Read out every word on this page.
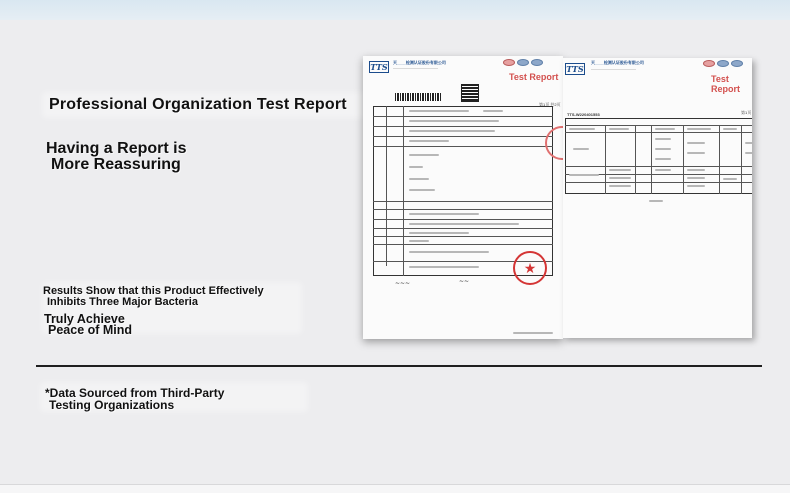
Professional Organization Test Report
Having a Report is
More Reassuring
Results Show that this Product Effectively
Inhibits Three Major Bacteria
Truly Achieve
Peace of Mind
*Data Sourced from Third-Party
Testing Organizations
TTS	天____检测认证股份有限公司
———————————————
Test Report
第1页 共2页
★
~~~	~~
TTS
天____检测认证股份有限公司
———————————————
Test Report
第1页
TTS-W220401553
